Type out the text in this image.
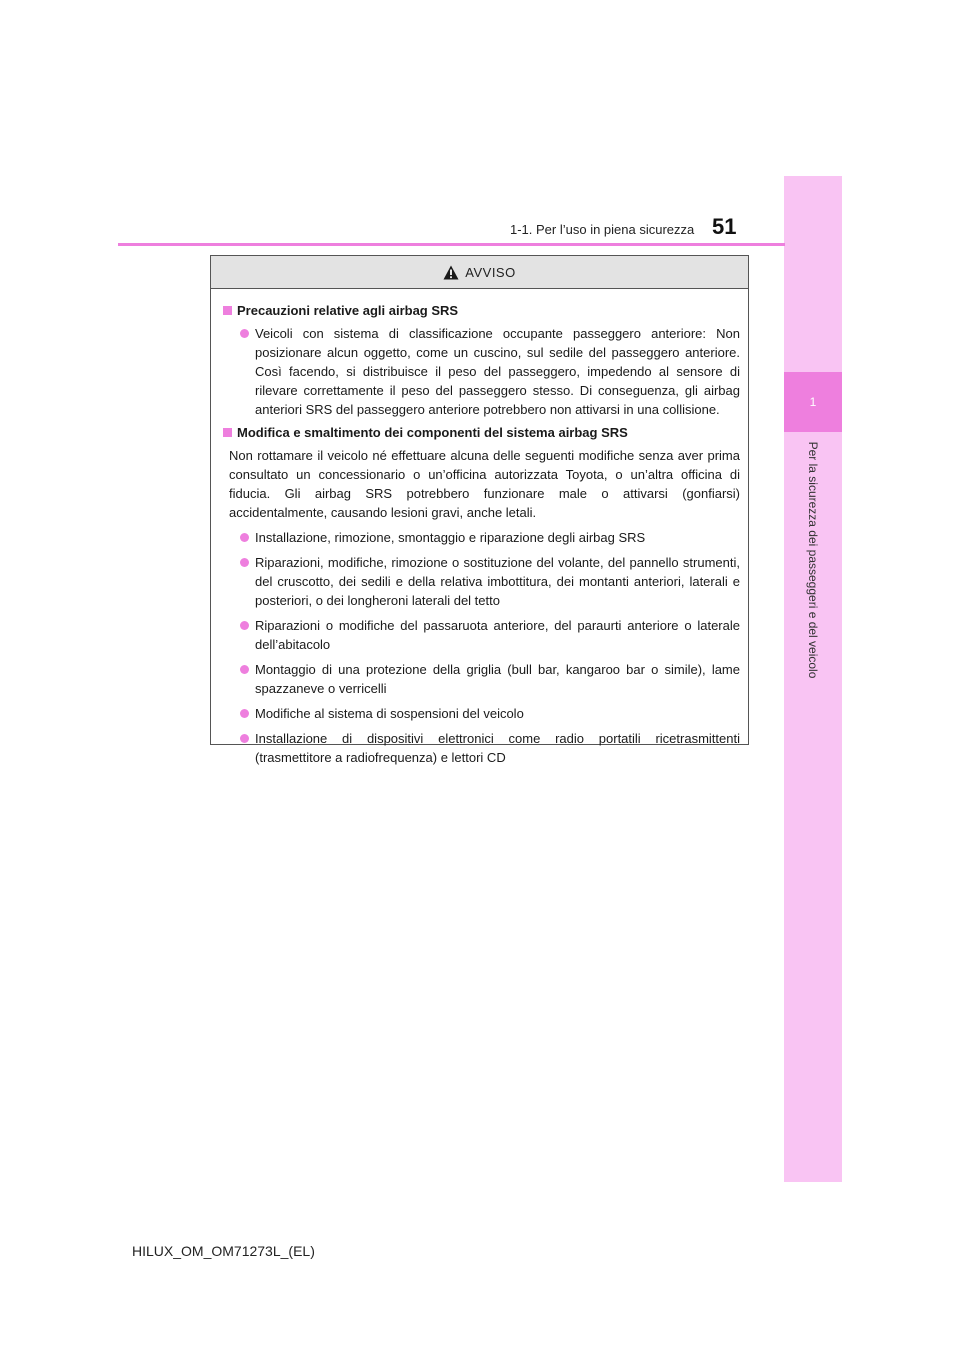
1
Per la sicurezza dei passeggeri e del veicolo
1-1. Per l’uso in piena sicurezza 51
AVVISO
Precauzioni relative agli airbag SRS
Veicoli con sistema di classificazione occupante passeggero anteriore: Non posizionare alcun oggetto, come un cuscino, sul sedile del passeggero anteriore. Così facendo, si distribuisce il peso del passeggero, impedendo al sensore di rilevare correttamente il peso del passeggero stesso. Di conseguenza, gli airbag anteriori SRS del passeggero anteriore potrebbero non attivarsi in una collisione.
Modifica e smaltimento dei componenti del sistema airbag SRS
Non rottamare il veicolo né effettuare alcuna delle seguenti modifiche senza aver prima consultato un concessionario o un’officina autorizzata Toyota, o un’altra officina di fiducia. Gli airbag SRS potrebbero funzionare male o attivarsi (gonfiarsi) accidentalmente, causando lesioni gravi, anche letali.
Installazione, rimozione, smontaggio e riparazione degli airbag SRS
Riparazioni, modifiche, rimozione o sostituzione del volante, del pannello strumenti, del cruscotto, dei sedili e della relativa imbottitura, dei montanti anteriori, laterali e posteriori, o dei longheroni laterali del tetto
Riparazioni o modifiche del passaruota anteriore, del paraurti anteriore o laterale dell’abitacolo
Montaggio di una protezione della griglia (bull bar, kangaroo bar o simile), lame spazzaneve o verricelli
Modifiche al sistema di sospensioni del veicolo
Installazione di dispositivi elettronici come radio portatili ricetrasmittenti (trasmettitore a radiofrequenza) e lettori CD
HILUX_OM_OM71273L_(EL)
